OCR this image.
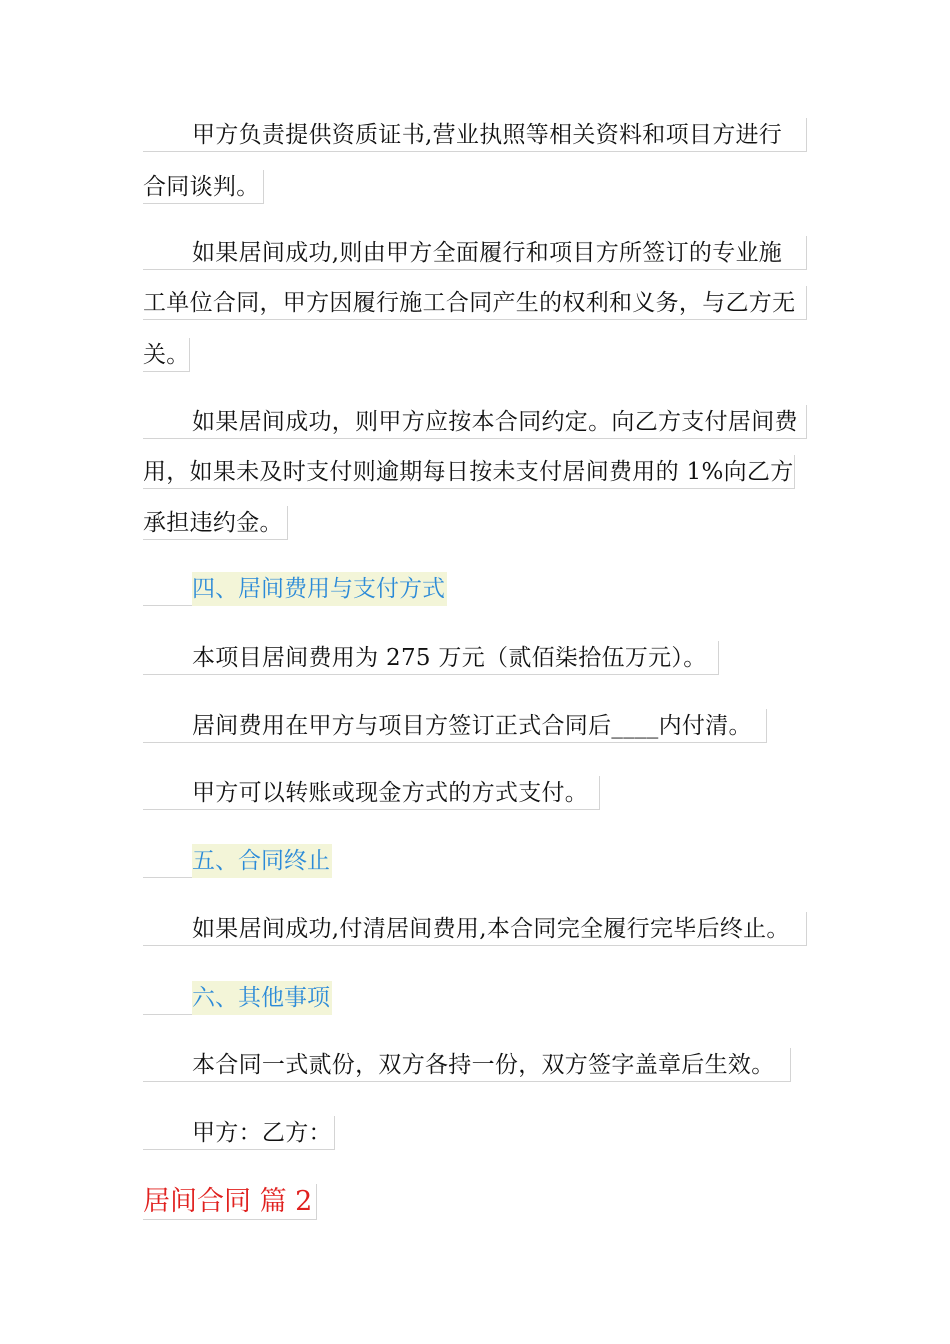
甲方负责提供资质证书,营业执照等相关资料和项目方进行
合同谈判。
如果居间成功,则由甲方全面履行和项目方所签订的专业施
工单位合同，甲方因履行施工合同产生的权利和义务，与乙方无
关。
如果居间成功，则甲方应按本合同约定。向乙方支付居间费
用，如果未及时支付则逾期每日按未支付居间费用的 1%向乙方
承担违约金。
四、居间费用与支付方式
本项目居间费用为 275 万元（贰佰柒拾伍万元）。
居间费用在甲方与项目方签订正式合同后____内付清。
甲方可以转账或现金方式的方式支付。
五、合同终止
如果居间成功,付清居间费用,本合同完全履行完毕后终止。
六、其他事项
本合同一式贰份，双方各持一份，双方签字盖章后生效。
甲方：乙方：
居间合同 篇 2
